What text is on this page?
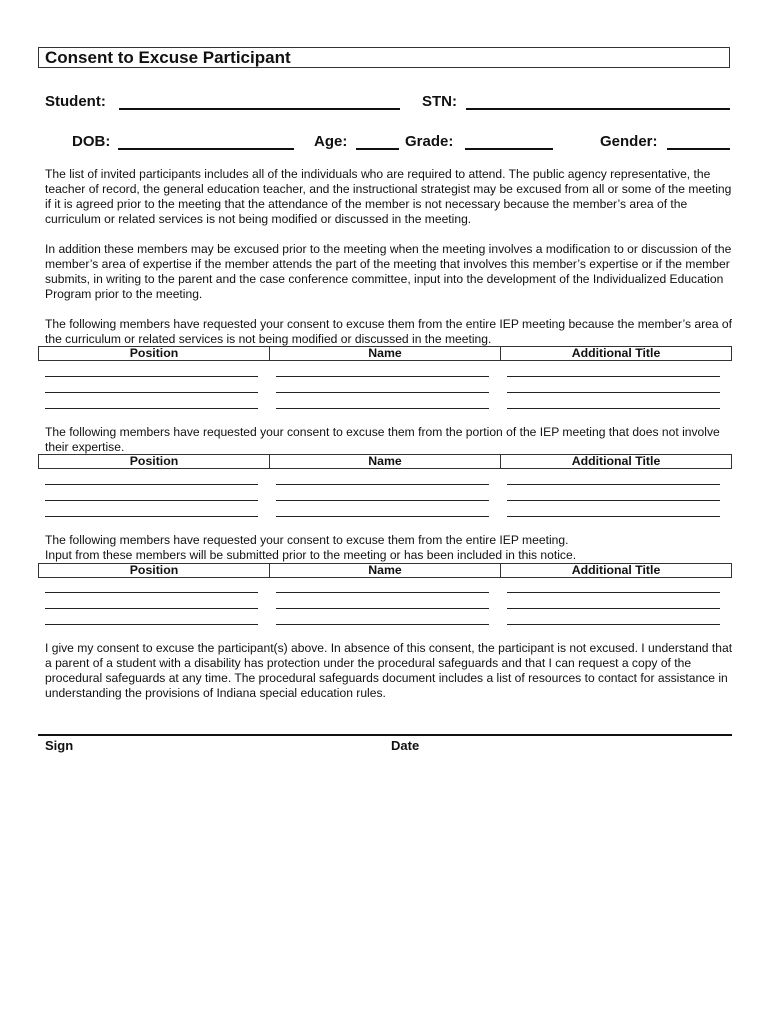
Consent to Excuse Participant
Student:	STN:
DOB:	Age:	Grade:	Gender:

The list of invited participants includes all of the individuals who are required to attend. The public agency representative, the teacher of record, the general education teacher, and the instructional strategist may be excused from all or some of the meeting if it is agreed prior to the meeting that the attendance of the member is not necessary because the member’s area of the curriculum or related services is not being modified or discussed in the meeting.

In addition these members may be excused prior to the meeting when the meeting involves a modification to or discussion of the member’s area of expertise if the member attends the part of the meeting that involves this member’s expertise or if the member submits, in writing to the parent and the case conference committee, input into the development of the Individualized Education Program prior to the meeting.

The following members have requested your consent to excuse them from the entire IEP meeting because the member’s area of the curriculum or related services is not being modified or discussed in the meeting.

Position	Name	Additional Title

The following members have requested your consent to excuse them from the portion of the IEP meeting that does not involve their expertise.

Position	Name	Additional Title

The following members have requested your consent to excuse them from the entire IEP meeting.

Input from these members will be submitted prior to the meeting or has been included in this notice.

Position	Name	Additional Title

I give my consent to excuse the participant(s) above. In absence of this consent, the participant is not excused. I understand that a parent of a student with a disability has protection under the procedural safeguards and that I can request a copy of the procedural safeguards at any time. The procedural safeguards document includes a list of resources to contact for assistance in understanding the provisions of Indiana special education rules.

Sign	Date
